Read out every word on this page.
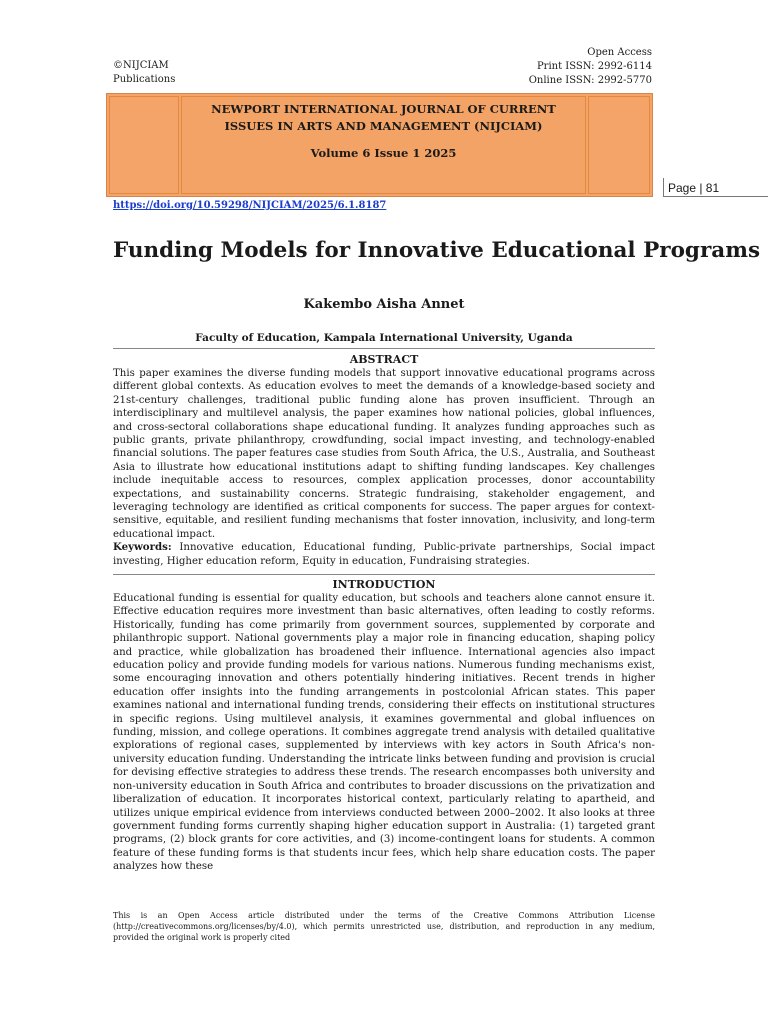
©NIJCIAM
Publications
Open Access
Print ISSN: 2992-6114
Online ISSN: 2992-5770
NEWPORT INTERNATIONAL JOURNAL OF CURRENT
ISSUES IN ARTS AND MANAGEMENT (NIJCIAM)
Volume 6 Issue 1 2025
Page | 81
https://doi.org/10.59298/NIJCIAM/2025/6.1.8187
Funding Models for Innovative Educational Programs
Kakembo Aisha Annet
Faculty of Education, Kampala International University, Uganda
ABSTRACT

This paper examines the diverse funding models that support innovative educational programs across different global contexts. As education evolves to meet the demands of a knowledge-based society and 21st-century challenges, traditional public funding alone has proven insufficient. Through an interdisciplinary and multilevel analysis, the paper examines how national policies, global influences, and cross-sectoral collaborations shape educational funding. It analyzes funding approaches such as public grants, private philanthropy, crowdfunding, social impact investing, and technology-enabled financial solutions. The paper features case studies from South Africa, the U.S., Australia, and Southeast Asia to illustrate how educational institutions adapt to shifting funding landscapes. Key challenges include inequitable access to resources, complex application processes, donor accountability expectations, and sustainability concerns. Strategic fundraising, stakeholder engagement, and leveraging technology are identified as critical components for success. The paper argues for context-sensitive, equitable, and resilient funding mechanisms that foster innovation, inclusivity, and long-term educational impact.

Keywords: Innovative education, Educational funding, Public-private partnerships, Social impact investing, Higher education reform, Equity in education, Fundraising strategies.

INTRODUCTION

Educational funding is essential for quality education, but schools and teachers alone cannot ensure it. Effective education requires more investment than basic alternatives, often leading to costly reforms. Historically, funding has come primarily from government sources, supplemented by corporate and philanthropic support. National governments play a major role in financing education, shaping policy and practice, while globalization has broadened their influence. International agencies also impact education policy and provide funding models for various nations. Numerous funding mechanisms exist, some encouraging innovation and others potentially hindering initiatives. Recent trends in higher education offer insights into the funding arrangements in postcolonial African states. This paper examines national and international funding trends, considering their effects on institutional structures in specific regions. Using multilevel analysis, it examines governmental and global influences on funding, mission, and college operations. It combines aggregate trend analysis with detailed qualitative explorations of regional cases, supplemented by interviews with key actors in South Africa's non-university education funding. Understanding the intricate links between funding and provision is crucial for devising effective strategies to address these trends. The research encompasses both university and non-university education in South Africa and contributes to broader discussions on the privatization and liberalization of education. It incorporates historical context, particularly relating to apartheid, and utilizes unique empirical evidence from interviews conducted between 2000–2002. It also looks at three government funding forms currently shaping higher education support in Australia: (1) targeted grant programs, (2) block grants for core activities, and (3) income-contingent loans for students. A common feature of these funding forms is that students incur fees, which help share education costs. The paper analyzes how these

This is an Open Access article distributed under the terms of the Creative Commons Attribution License (http://creativecommons.org/licenses/by/4.0), which permits unrestricted use, distribution, and reproduction in any medium, provided the original work is properly cited
